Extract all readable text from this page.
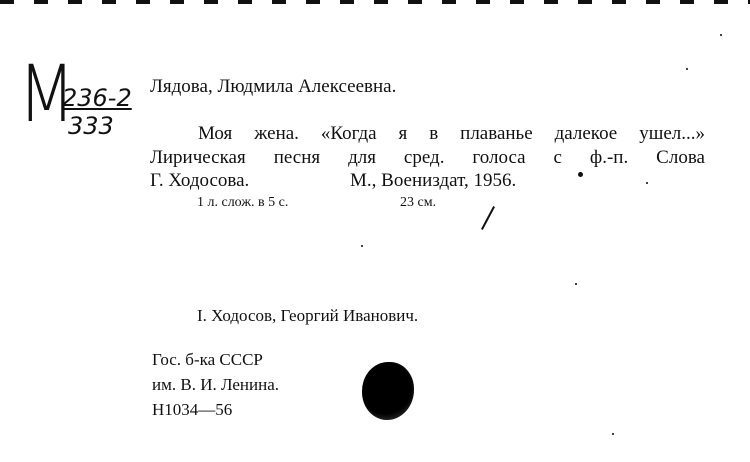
М
236-2
333
Лядова, Людмила Алексеевна.
Моя жена. «Когда я в плаванье далекое ушел...»
Лирическая песня для сред. голоса с ф.-п. Слова
Г. Ходосова.	М., Воениздат, 1956.
1 л. слож. в 5 с.	23 см.
I. Ходосов, Георгий Иванович.
Гос. б-ка СССР
им. В. И. Ленина.
Н1034—56
